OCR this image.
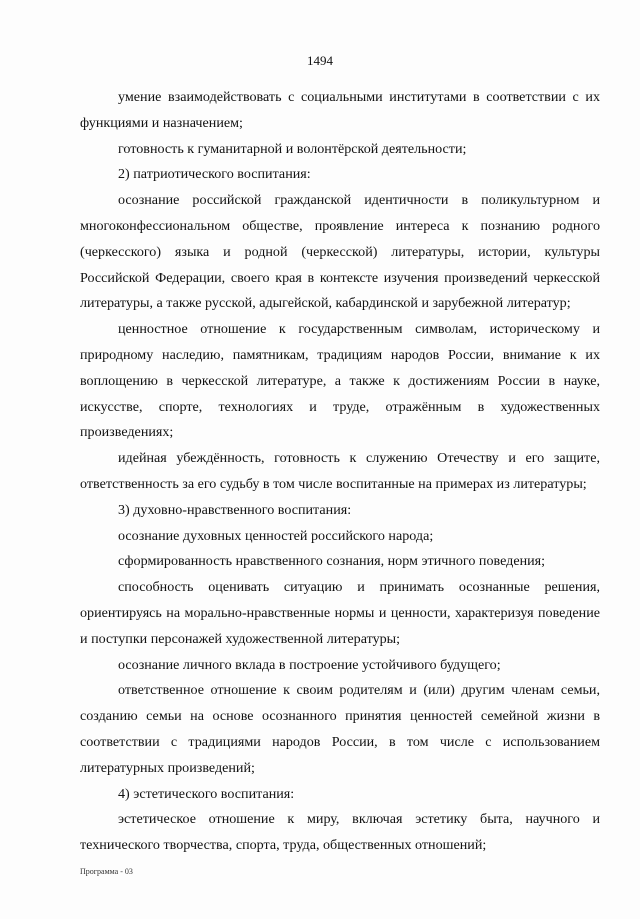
1494

умение взаимодействовать с социальными институтами в соответствии с их функциями и назначением;

готовность к гуманитарной и волонтёрской деятельности;

2) патриотического воспитания:

осознание российской гражданской идентичности в поликультурном и многоконфессиональном обществе, проявление интереса к познанию родного (черкесского) языка и родной (черкесской) литературы, истории, культуры Российской Федерации, своего края в контексте изучения произведений черкесской литературы, а также русской, адыгейской, кабардинской и зарубежной литератур;

ценностное отношение к государственным символам, историческому и природному наследию, памятникам, традициям народов России, внимание к их воплощению в черкесской литературе, а также к достижениям России в науке, искусстве, спорте, технологиях и труде, отражённым в художественных произведениях;

идейная убеждённость, готовность к служению Отечеству и его защите, ответственность за его судьбу в том числе воспитанные на примерах из литературы;

3) духовно-нравственного воспитания:

осознание духовных ценностей российского народа;

сформированность нравственного сознания, норм этичного поведения;

способность оценивать ситуацию и принимать осознанные решения, ориентируясь на морально-нравственные нормы и ценности, характеризуя поведение и поступки персонажей художественной литературы;

осознание личного вклада в построение устойчивого будущего;

ответственное отношение к своим родителям и (или) другим членам семьи, созданию семьи на основе осознанного принятия ценностей семейной жизни в соответствии с традициями народов России, в том числе с использованием литературных произведений;

4) эстетического воспитания:

эстетическое отношение к миру, включая эстетику быта, научного и технического творчества, спорта, труда, общественных отношений;

Программа - 03
